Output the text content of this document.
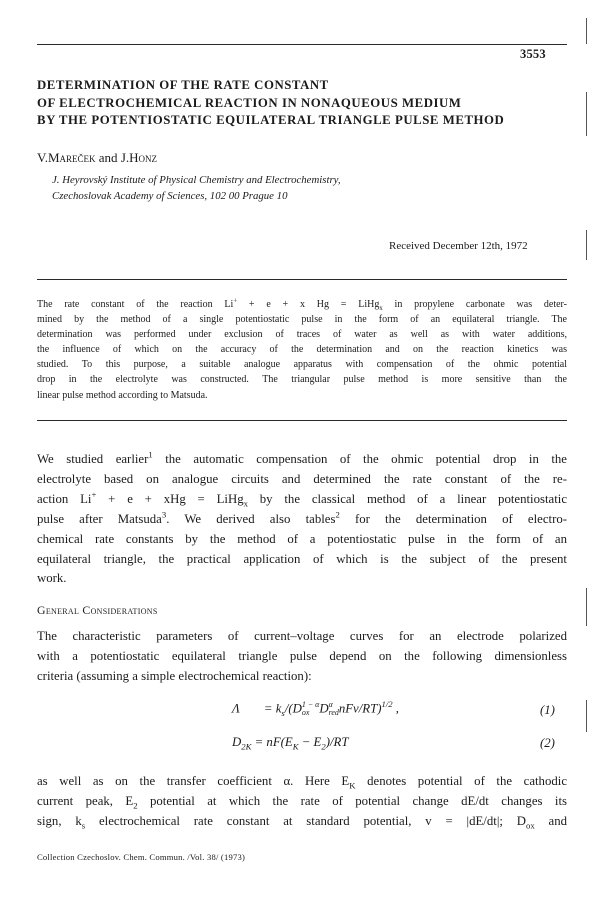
3553
DETERMINATION OF THE RATE CONSTANT
OF ELECTROCHEMICAL REACTION IN NONAQUEOUS MEDIUM
BY THE POTENTIOSTATIC EQUILATERAL TRIANGLE PULSE METHOD
V.Mareček and J.Honz
J. Heyrovský Institute of Physical Chemistry and Electrochemistry,
Czechoslovak Academy of Sciences, 102 00 Prague 10
Received December 12th, 1972
The rate constant of the reaction Li+ + e + x Hg = LiHg$_x$ in propylene carbonate was deter-
mined by the method of a single potentiostatic pulse in the form of an equilateral triangle. The
determination was performed under exclusion of traces of water as well as with water additions,
the influence of which on the accuracy of the determination and on the reaction kinetics was
studied. To this purpose, a suitable analogue apparatus with compensation of the ohmic potential
drop in the electrolyte was constructed. The triangular pulse method is more sensitive than the
linear pulse method according to Matsuda.
We studied earlier$^1$ the automatic compensation of the ohmic potential drop in the
electrolyte based on analogue circuits and determined the rate constant of the re-
action Li+ + e + xHg = LiHg$_x$ by the classical method of a linear potentiostatic
pulse after Matsuda$^3$. We derived also tables$^2$ for the determination of electro-
chemical rate constants by the method of a potentiostatic pulse in the form of an
equilateral triangle, the practical application of which is the subject of the present
work.
General Considerations
The characteristic parameters of current–voltage curves for an electrode polarized
with a potentiostatic equilateral triangle pulse depend on the following dimensionless
criteria (assuming a simple electrochemical reaction):
$\Lambda = k_s/(D$ 1 − α
ox D α
red nFv/RT)$^{1/2}$ ,	(1)
$D_{2K} = nF(E_K - E_2)/RT$	(2)
as well as on the transfer coefficient α. Here $E_K$ denotes potential of the cathodic
current peak, $E_2$ potential at which the rate of potential change dE/dt changes its
sign, $k_s$ electrochemical rate constant at standard potential, v = |dE/dt|; $D_{ox}$ and
Collection Czechoslov. Chem. Commun. /Vol. 38/ (1973)
